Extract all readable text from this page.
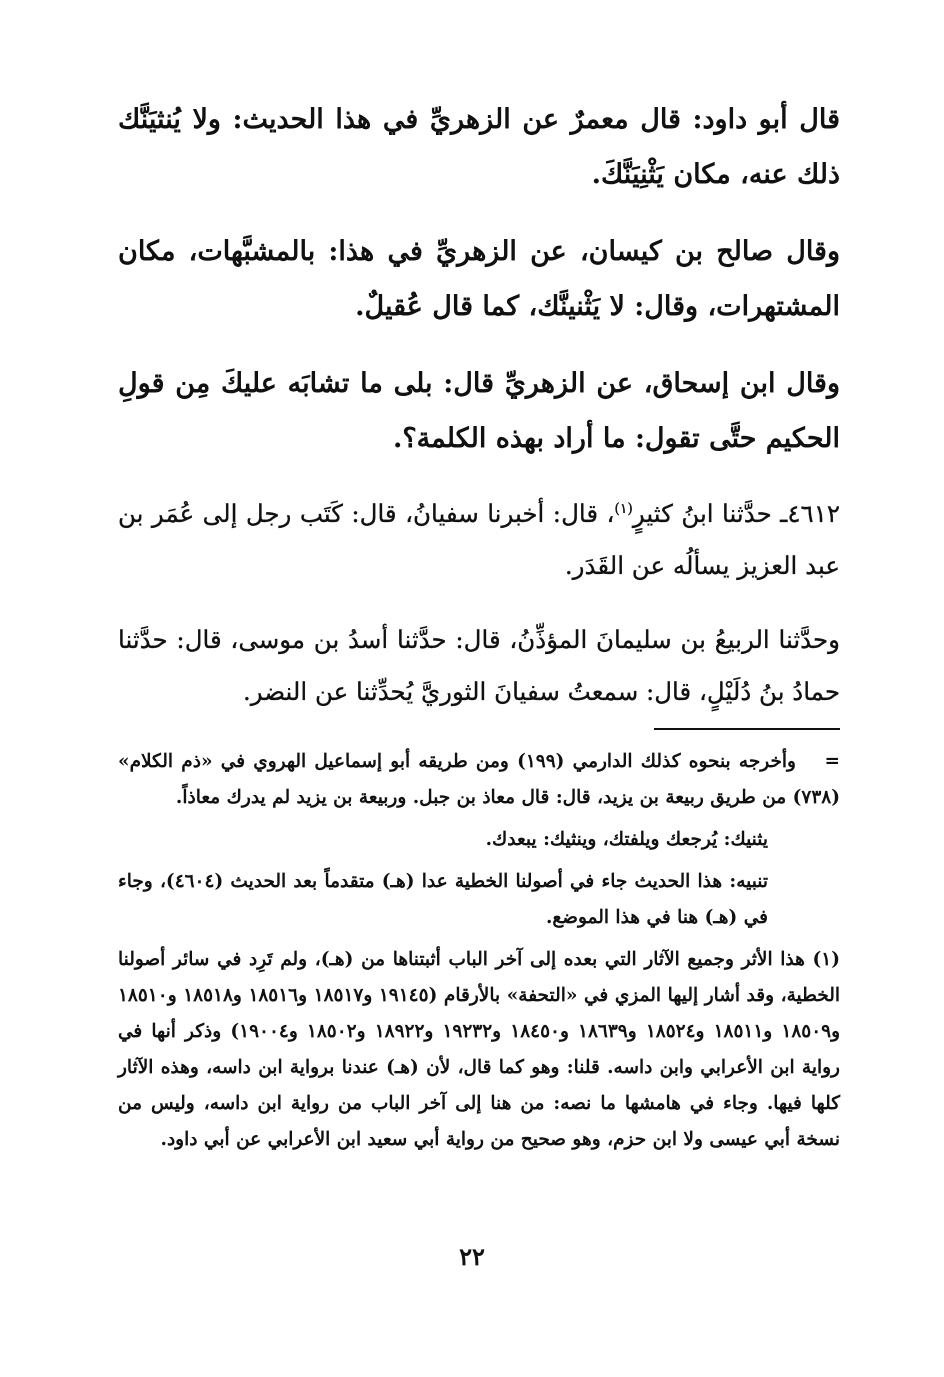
قال أبو داود: قال معمرٌ عن الزهريِّ في هذا الحديث: ولا يُنثيَنَّك ذلك عنه، مكان يَثْنِيَنَّكَ.

وقال صالح بن كيسان، عن الزهريِّ في هذا: بالمشبَّهات، مكان المشتهرات، وقال: لا يَثْنينَّك، كما قال عُقيلٌ.

وقال ابن إسحاق، عن الزهريِّ قال: بلى ما تشابَه عليكَ مِن قولِ الحكيم حتَّى تقول: ما أراد بهذه الكلمة؟.

٤٦١٢ـ حدَّثنا ابنُ كثيرٍ$^{(١)}$، قال: أخبرنا سفيانُ، قال: كَتَب رجل إلى عُمَر بن عبد العزيز يسألُه عن القَدَر.

وحدَّثنا الربيعُ بن سليمانَ المؤذِّنُ، قال: حدَّثنا أسدُ بن موسى، قال: حدَّثنا حمادُ بنُ دُلَيْلٍ، قال: سمعتُ سفيانَ الثوريَّ يُحدِّثنا عن النضر.

=وأخرجه بنحوه كذلك الدارمي (١٩٩) ومن طريقه أبو إسماعيل الهروي في «ذم الكلام» (٧٣٨) من طريق ربيعة بن يزيد، قال: قال معاذ بن جبل. وربيعة بن يزيد لم يدرك معاذاً.

يثنيك: يُرجعك ويلفتك، وينثيك: يبعدك.

تنبيه: هذا الحديث جاء في أصولنا الخطية عدا (هـ) متقدماً بعد الحديث (٤٦٠٤)، وجاء في (هـ) هنا في هذا الموضع.

(١) هذا الأثر وجميع الآثار التي بعده إلى آخر الباب أثبتناها من (هـ)، ولم تَرِد في سائر أصولنا الخطية، وقد أشار إليها المزي في «التحفة» بالأرقام (١٩١٤٥ و١٨٥١٧ و١٨٥١٦ و١٨٥١٨ و١٨٥١٠ و١٨٥٠٩ و١٨٥١١ و١٨٥٢٤ و١٨٦٣٩ و١٨٤٥٠ و١٩٢٣٢ و١٨٩٢٢ و١٨٥٠٢ و١٩٠٠٤) وذكر أنها في رواية ابن الأعرابي وابن داسه. قلنا: وهو كما قال، لأن (هـ) عندنا برواية ابن داسه، وهذه الآثار كلها فيها. وجاء في هامشها ما نصه: من هنا إلى آخر الباب من رواية ابن داسه، وليس من نسخة أبي عيسى ولا ابن حزم، وهو صحيح من رواية أبي سعيد ابن الأعرابي عن أبي داود.

٢٢
